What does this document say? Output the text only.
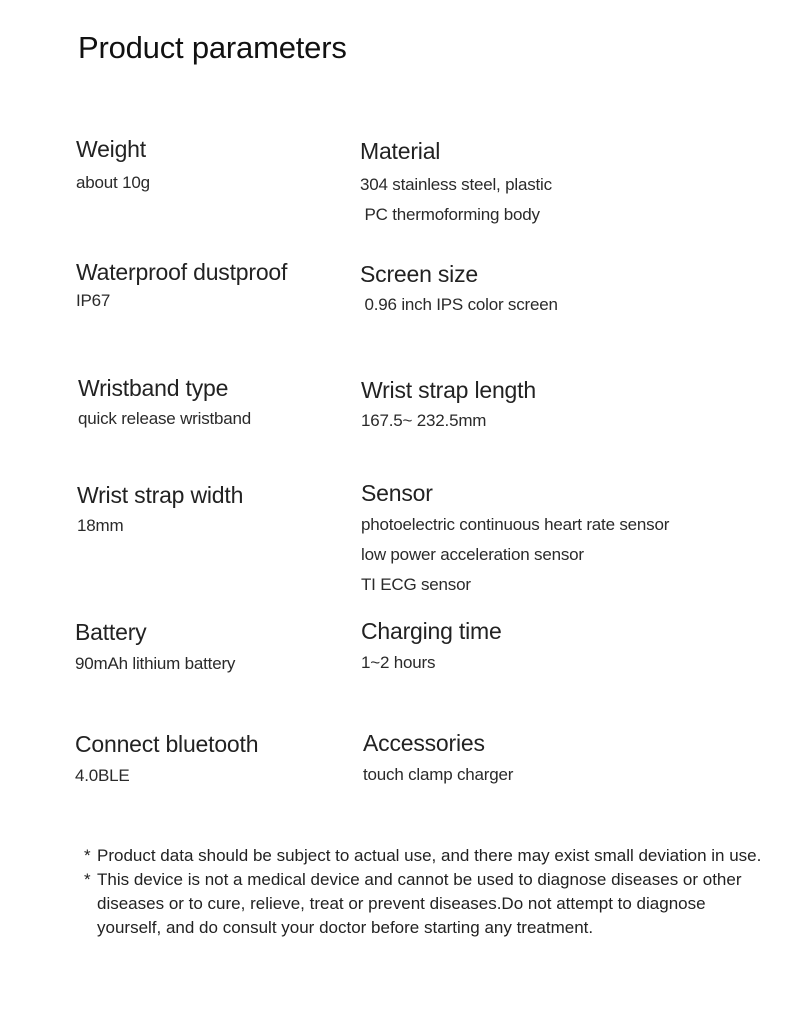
Product parameters
Weight
about 10g
Material
304 stainless steel, plastic
PC thermoforming body
Waterproof dustproof
IP67
Screen size
0.96 inch IPS color screen
Wristband type
quick release wristband
Wrist strap length
167.5~ 232.5mm
Wrist strap width
18mm
Sensor
photoelectric continuous heart rate sensor
low power acceleration sensor
TI ECG sensor
Battery
90mAh lithium battery
Charging time
1~2 hours
Connect bluetooth
4.0BLE
Accessories
touch clamp charger
* Product data should be subject to actual use, and there may exist small deviation in use.
* This device is not a medical device and cannot be used to diagnose diseases or other diseases or to cure, relieve, treat or prevent diseases.Do not attempt to diagnose yourself, and do consult your doctor before starting any treatment.
